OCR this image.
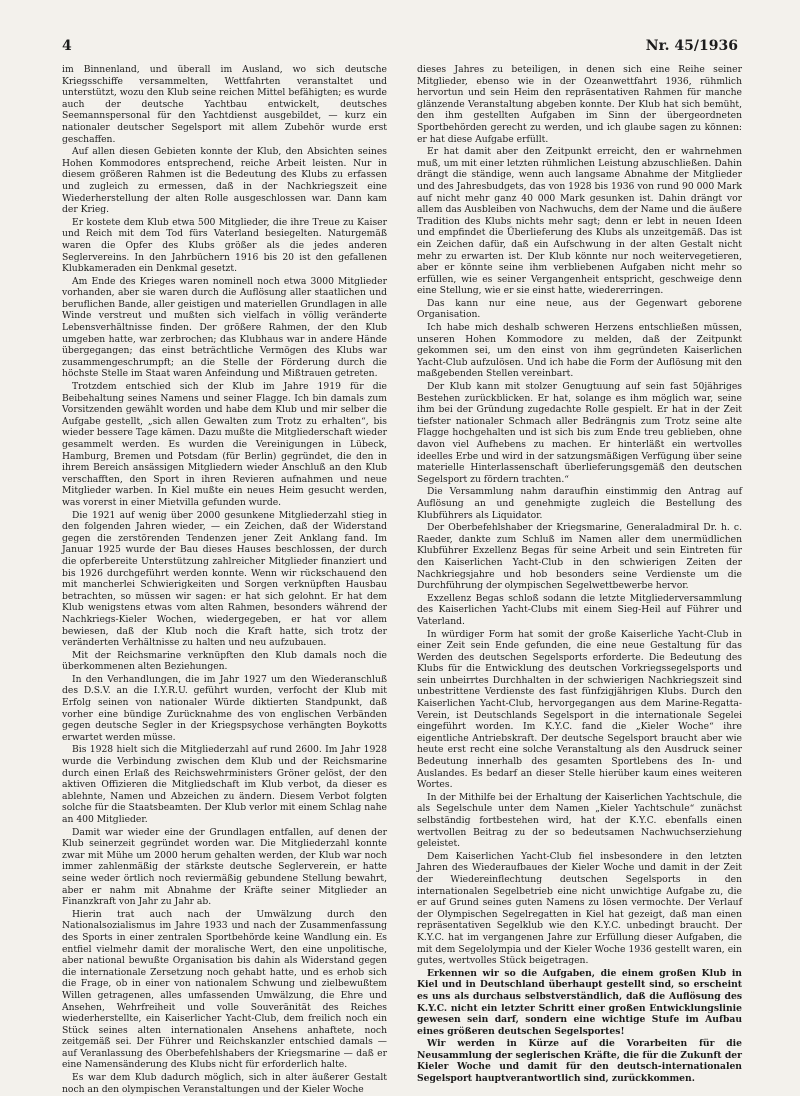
4	Nr. 45/1936

im Binnenland, und überall im Ausland, wo sich deutsche Kriegsschiffe versammelten, Wettfahrten veranstaltet und unterstützt, wozu den Klub seine reichen Mittel befähigten; es wurde auch der deutsche Yachtbau entwickelt, deutsches Seemannspersonal für den Yachtdienst ausgebildet, — kurz ein nationaler deutscher Segelsport mit allem Zubehör wurde erst geschaffen.

Auf allen diesen Gebieten konnte der Klub, den Absichten seines Hohen Kommodores entsprechend, reiche Arbeit leisten. Nur in diesem größeren Rahmen ist die Bedeutung des Klubs zu erfassen und zugleich zu ermessen, daß in der Nachkriegszeit eine Wiederherstellung der alten Rolle ausgeschlossen war. Dann kam der Krieg.

Er kostete dem Klub etwa 500 Mitglieder, die ihre Treue zu Kaiser und Reich mit dem Tod fürs Vaterland besiegelten. Naturgemäß waren die Opfer des Klubs größer als die jedes anderen Seglervereins. In den Jahrbüchern 1916 bis 20 ist den gefallenen Klubkameraden ein Denkmal gesetzt.

Am Ende des Krieges waren nominell noch etwa 3000 Mitglieder vorhanden, aber sie waren durch die Auflösung aller staatlichen und beruflichen Bande, aller geistigen und materiellen Grundlagen in alle Winde verstreut und mußten sich vielfach in völlig veränderte Lebensverhältnisse finden. Der größere Rahmen, der den Klub umgeben hatte, war zerbrochen; das Klubhaus war in andere Hände übergegangen; das einst beträchtliche Vermögen des Klubs war zusammengeschrumpft; an die Stelle der Förderung durch die höchste Stelle im Staat waren Anfeindung und Mißtrauen getreten.

Trotzdem entschied sich der Klub im Jahre 1919 für die Beibehaltung seines Namens und seiner Flagge. Ich bin damals zum Vorsitzenden gewählt worden und habe dem Klub und mir selber die Aufgabe gestellt, „sich allen Gewalten zum Trotz zu erhalten“, bis wieder bessere Tage kämen. Dazu mußte die Mitgliederschaft wieder gesammelt werden. Es wurden die Vereinigungen in Lübeck, Hamburg, Bremen und Potsdam (für Berlin) gegründet, die den in ihrem Bereich ansässigen Mitgliedern wieder Anschluß an den Klub verschafften, den Sport in ihren Revieren aufnahmen und neue Mitglieder warben. In Kiel mußte ein neues Heim gesucht werden, was vorerst in einer Mietvilla gefunden wurde.

Die 1921 auf wenig über 2000 gesunkene Mitgliederzahl stieg in den folgenden Jahren wieder, — ein Zeichen, daß der Widerstand gegen die zerstörenden Tendenzen jener Zeit Anklang fand. Im Januar 1925 wurde der Bau dieses Hauses beschlossen, der durch die opferbereite Unterstützung zahlreicher Mitglieder finanziert und bis 1926 durchgeführt werden konnte. Wenn wir rückschauend den mit mancherlei Schwierigkeiten und Sorgen verknüpften Hausbau betrachten, so müssen wir sagen: er hat sich gelohnt. Er hat dem Klub wenigstens etwas vom alten Rahmen, besonders während der Nachkriegs-Kieler Wochen, wiedergegeben, er hat vor allem bewiesen, daß der Klub noch die Kraft hatte, sich trotz der veränderten Verhältnisse zu halten und neu aufzubauen.

Mit der Reichsmarine verknüpften den Klub damals noch die überkommenen alten Beziehungen.

In den Verhandlungen, die im Jahr 1927 um den Wiederanschluß des D.S.V. an die I.Y.R.U. geführt wurden, verfocht der Klub mit Erfolg seinen von nationaler Würde diktierten Standpunkt, daß vorher eine bündige Zurücknahme des von englischen Verbänden gegen deutsche Segler in der Kriegspsychose verhängten Boykotts erwartet werden müsse.

Bis 1928 hielt sich die Mitgliederzahl auf rund 2600. Im Jahr 1928 wurde die Verbindung zwischen dem Klub und der Reichsmarine durch einen Erlaß des Reichswehrministers Gröner gelöst, der den aktiven Offizieren die Mitgliedschaft im Klub verbot, da dieser es ablehnte, Namen und Abzeichen zu ändern. Diesem Verbot folgten solche für die Staatsbeamten. Der Klub verlor mit einem Schlag nahe an 400 Mitglieder.

Damit war wieder eine der Grundlagen entfallen, auf denen der Klub seinerzeit gegründet worden war. Die Mitgliederzahl konnte zwar mit Mühe um 2000 herum gehalten werden, der Klub war noch immer zahlenmäßig der stärkste deutsche Seglerverein, er hatte seine weder örtlich noch reviermäßig gebundene Stellung bewahrt, aber er nahm mit Abnahme der Kräfte seiner Mitglieder an Finanzkraft von Jahr zu Jahr ab.

Hierin trat auch nach der Umwälzung durch den Nationalsozialismus im Jahre 1933 und nach der Zusammenfassung des Sports in einer zentralen Sportbehörde keine Wandlung ein. Es entfiel vielmehr damit der moralische Wert, den eine unpolitische, aber national bewußte Organisation bis dahin als Widerstand gegen die internationale Zersetzung noch gehabt hatte, und es erhob sich die Frage, ob in einer von nationalem Schwung und zielbewußtem Willen getragenen, alles umfassenden Umwälzung, die Ehre und Ansehen, Wehrfreiheit und volle Souveränität des Reiches wiederherstellte, ein Kaiserlicher Yacht-Club, dem freilich noch ein Stück seines alten internationalen Ansehens anhaftete, noch zeitgemäß sei. Der Führer und Reichskanzler entschied damals — auf Veranlassung des Oberbefehlshabers der Kriegsmarine — daß er eine Namensänderung des Klubs nicht für erforderlich halte.

Es war dem Klub dadurch möglich, sich in alter äußerer Gestalt noch an den olympischen Veranstaltungen und der Kieler Woche

dieses Jahres zu beteiligen, in denen sich eine Reihe seiner Mitglieder, ebenso wie in der Ozeanwettfahrt 1936, rühmlich hervortun und sein Heim den repräsentativen Rahmen für manche glänzende Veranstaltung abgeben konnte. Der Klub hat sich bemüht, den ihm gestellten Aufgaben im Sinn der übergeordneten Sportbehörden gerecht zu werden, und ich glaube sagen zu können: er hat diese Aufgabe erfüllt.

Er hat damit aber den Zeitpunkt erreicht, den er wahrnehmen muß, um mit einer letzten rühmlichen Leistung abzuschließen. Dahin drängt die ständige, wenn auch langsame Abnahme der Mitglieder und des Jahresbudgets, das von 1928 bis 1936 von rund 90 000 Mark auf nicht mehr ganz 40 000 Mark gesunken ist. Dahin drängt vor allem das Ausbleiben von Nachwuchs, dem der Name und die äußere Tradition des Klubs nichts mehr sagt; denn er lebt in neuen Ideen und empfindet die Überlieferung des Klubs als unzeitgemäß. Das ist ein Zeichen dafür, daß ein Aufschwung in der alten Gestalt nicht mehr zu erwarten ist. Der Klub könnte nur noch weitervegetieren, aber er könnte seine ihm verbliebenen Aufgaben nicht mehr so erfüllen, wie es seiner Vergangenheit entspricht, geschweige denn eine Stellung, wie er sie einst hatte, wiedererringen.

Das kann nur eine neue, aus der Gegenwart geborene Organisation.

Ich habe mich deshalb schweren Herzens entschließen müssen, unseren Hohen Kommodore zu melden, daß der Zeitpunkt gekommen sei, um den einst von ihm gegründeten Kaiserlichen Yacht-Club aufzulösen. Und ich habe die Form der Auflösung mit den maßgebenden Stellen vereinbart.

Der Klub kann mit stolzer Genugtuung auf sein fast 50jähriges Bestehen zurückblicken. Er hat, solange es ihm möglich war, seine ihm bei der Gründung zugedachte Rolle gespielt. Er hat in der Zeit tiefster nationaler Schmach aller Bedrängnis zum Trotz seine alte Flagge hochgehalten und ist sich bis zum Ende treu geblieben, ohne davon viel Aufhebens zu machen. Er hinterläßt ein wertvolles ideelles Erbe und wird in der satzungsmäßigen Verfügung über seine materielle Hinterlassenschaft überlieferungsgemäß den deutschen Segelsport zu fördern trachten.“

Die Versammlung nahm daraufhin einstimmig den Antrag auf Auflösung an und genehmigte zugleich die Bestellung des Klubführers als Liquidator.

Der Oberbefehlshaber der Kriegsmarine, Generaladmiral Dr. h. c. Raeder, dankte zum Schluß im Namen aller dem unermüdlichen Klubführer Exzellenz Begas für seine Arbeit und sein Eintreten für den Kaiserlichen Yacht-Club in den schwierigen Zeiten der Nachkriegsjahre und hob besonders seine Verdienste um die Durchführung der olympischen Segelwettbewerbe hervor.

Exzellenz Begas schloß sodann die letzte Mitgliederversammlung des Kaiserlichen Yacht-Clubs mit einem Sieg-Heil auf Führer und Vaterland.

In würdiger Form hat somit der große Kaiserliche Yacht-Club in einer Zeit sein Ende gefunden, die eine neue Gestaltung für das Werden des deutschen Segelsports erforderte. Die Bedeutung des Klubs für die Entwicklung des deutschen Vorkriegssegelsports und sein unbeirrtes Durchhalten in der schwierigen Nachkriegszeit sind unbestrittene Verdienste des fast fünfzigjährigen Klubs. Durch den Kaiserlichen Yacht-Club, hervorgegangen aus dem Marine-Regatta-Verein, ist Deutschlands Segelsport in die internationale Segelei eingeführt worden. Im K.Y.C. fand die „Kieler Woche“ ihre eigentliche Antriebskraft. Der deutsche Segelsport braucht aber wie heute erst recht eine solche Veranstaltung als den Ausdruck seiner Bedeutung innerhalb des gesamten Sportlebens des In- und Auslandes. Es bedarf an dieser Stelle hierüber kaum eines weiteren Wortes.

In der Mithilfe bei der Erhaltung der Kaiserlichen Yachtschule, die als Segelschule unter dem Namen „Kieler Yachtschule“ zunächst selbständig fortbestehen wird, hat der K.Y.C. ebenfalls einen wertvollen Beitrag zu der so bedeutsamen Nachwuchserziehung geleistet.

Dem Kaiserlichen Yacht-Club fiel insbesondere in den letzten Jahren des Wiederaufbaues der Kieler Woche und damit in der Zeit der Wiedereinflechtung deutschen Segelsports in den internationalen Segelbetrieb eine nicht unwichtige Aufgabe zu, die er auf Grund seines guten Namens zu lösen vermochte. Der Verlauf der Olympischen Segelregatten in Kiel hat gezeigt, daß man einen repräsentativen Segelklub wie den K.Y.C. unbedingt braucht. Der K.Y.C. hat im vergangenen Jahre zur Erfüllung dieser Aufgaben, die mit dem Segelolympia und der Kieler Woche 1936 gestellt waren, ein gutes, wertvolles Stück beigetragen.

Erkennen wir so die Aufgaben, die einem großen Klub in Kiel und in Deutschland überhaupt gestellt sind, so erscheint es uns als durchaus selbstverständlich, daß die Auflösung des K.Y.C. nicht ein letzter Schritt einer großen Entwicklungslinie gewesen sein darf, sondern eine wichtige Stufe im Aufbau eines größeren deutschen Segelsportes!

Wir werden in Kürze auf die Vorarbeiten für die Neusammlung der seglerischen Kräfte, die für die Zukunft der Kieler Woche und damit für den deutsch-internationalen Segelsport hauptverantwortlich sind, zurückkommen.
